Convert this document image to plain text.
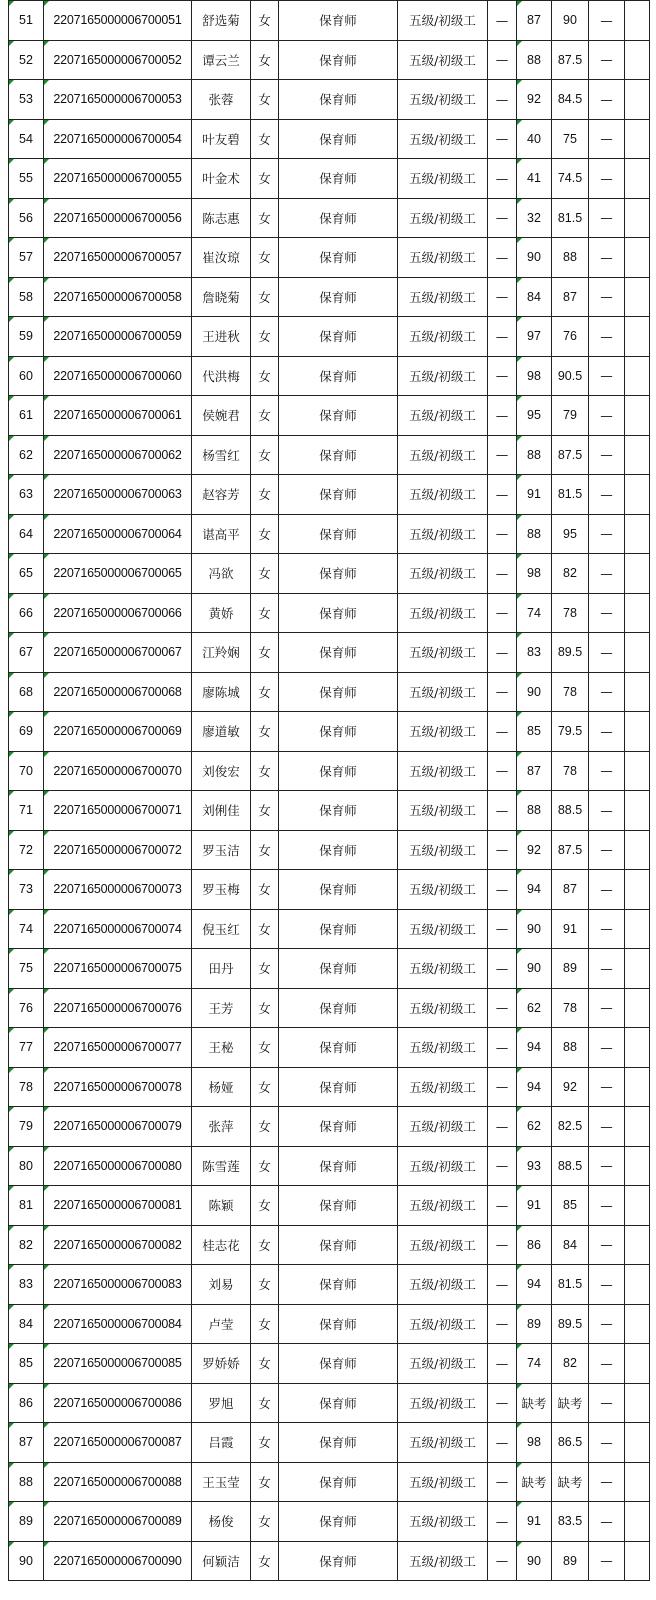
51	2207165000006700051	舒选菊	女	保育师	五级/初级工	—	87	90	—	
52	2207165000006700052	谭云兰	女	保育师	五级/初级工	—	88	87.5	—	
53	2207165000006700053	张蓉	女	保育师	五级/初级工	—	92	84.5	—	
54	2207165000006700054	叶友碧	女	保育师	五级/初级工	—	40	75	—	
55	2207165000006700055	叶金术	女	保育师	五级/初级工	—	41	74.5	—	
56	2207165000006700056	陈志惠	女	保育师	五级/初级工	—	32	81.5	—	
57	2207165000006700057	崔汝琼	女	保育师	五级/初级工	—	90	88	—	
58	2207165000006700058	詹晓菊	女	保育师	五级/初级工	—	84	87	—	
59	2207165000006700059	王进秋	女	保育师	五级/初级工	—	97	76	—	
60	2207165000006700060	代洪梅	女	保育师	五级/初级工	—	98	90.5	—	
61	2207165000006700061	侯婉君	女	保育师	五级/初级工	—	95	79	—	
62	2207165000006700062	杨雪红	女	保育师	五级/初级工	—	88	87.5	—	
63	2207165000006700063	赵容芳	女	保育师	五级/初级工	—	91	81.5	—	
64	2207165000006700064	谌高平	女	保育师	五级/初级工	—	88	95	—	
65	2207165000006700065	冯欲	女	保育师	五级/初级工	—	98	82	—	
66	2207165000006700066	黄娇	女	保育师	五级/初级工	—	74	78	—	
67	2207165000006700067	江羚娴	女	保育师	五级/初级工	—	83	89.5	—	
68	2207165000006700068	廖陈城	女	保育师	五级/初级工	—	90	78	—	
69	2207165000006700069	廖道敏	女	保育师	五级/初级工	—	85	79.5	—	
70	2207165000006700070	刘俊宏	女	保育师	五级/初级工	—	87	78	—	
71	2207165000006700071	刘俐佳	女	保育师	五级/初级工	—	88	88.5	—	
72	2207165000006700072	罗玉洁	女	保育师	五级/初级工	—	92	87.5	—	
73	2207165000006700073	罗玉梅	女	保育师	五级/初级工	—	94	87	—	
74	2207165000006700074	倪玉红	女	保育师	五级/初级工	—	90	91	—	
75	2207165000006700075	田丹	女	保育师	五级/初级工	—	90	89	—	
76	2207165000006700076	王芳	女	保育师	五级/初级工	—	62	78	—	
77	2207165000006700077	王秘	女	保育师	五级/初级工	—	94	88	—	
78	2207165000006700078	杨娅	女	保育师	五级/初级工	—	94	92	—	
79	2207165000006700079	张萍	女	保育师	五级/初级工	—	62	82.5	—	
80	2207165000006700080	陈雪莲	女	保育师	五级/初级工	—	93	88.5	—	
81	2207165000006700081	陈颖	女	保育师	五级/初级工	—	91	85	—	
82	2207165000006700082	桂志花	女	保育师	五级/初级工	—	86	84	—	
83	2207165000006700083	刘易	女	保育师	五级/初级工	—	94	81.5	—	
84	2207165000006700084	卢莹	女	保育师	五级/初级工	—	89	89.5	—	
85	2207165000006700085	罗娇娇	女	保育师	五级/初级工	—	74	82	—	
86	2207165000006700086	罗旭	女	保育师	五级/初级工	—	缺考	缺考	—	
87	2207165000006700087	吕霞	女	保育师	五级/初级工	—	98	86.5	—	
88	2207165000006700088	王玉莹	女	保育师	五级/初级工	—	缺考	缺考	—	
89	2207165000006700089	杨俊	女	保育师	五级/初级工	—	91	83.5	—	
90	2207165000006700090	何颖洁	女	保育师	五级/初级工	—	90	89	—	
